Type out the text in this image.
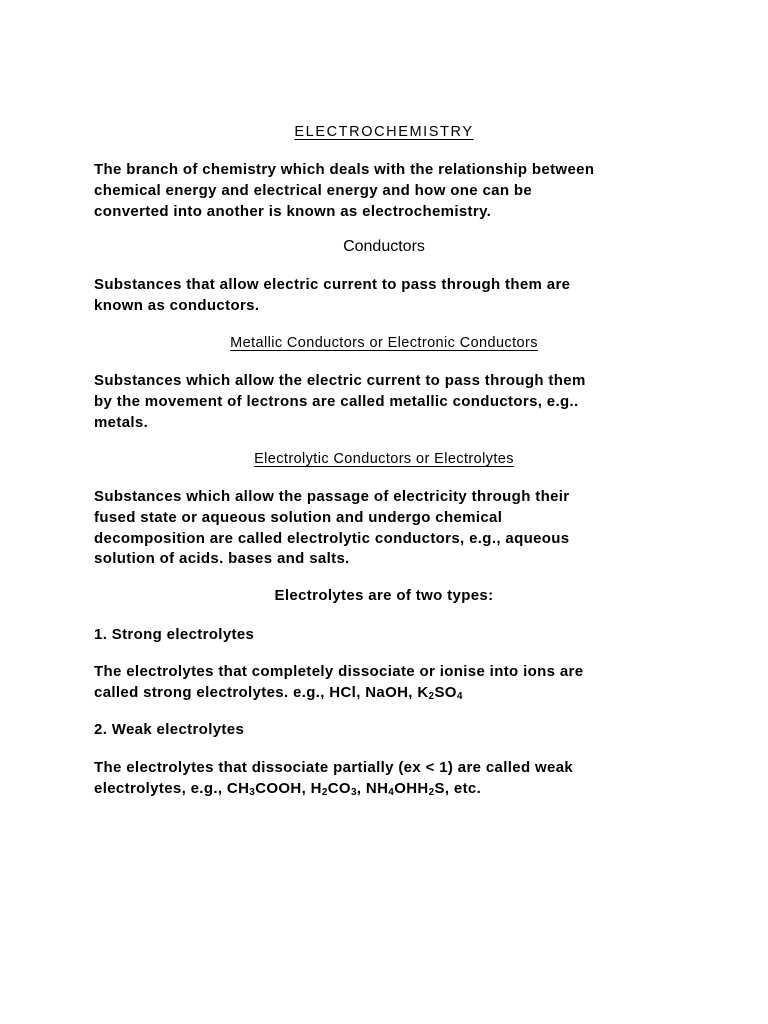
ELECTROCHEMISTRY
The branch of chemistry which deals with the relationship between
chemical energy and electrical energy and how one can be
converted into another is known as electrochemistry.
Conductors
Substances that allow electric current to pass through them are
known as conductors.
Metallic Conductors or Electronic Conductors
Substances which allow the electric current to pass through them
by the movement of lectrons are called metallic conductors, e.g..
metals.
Electrolytic Conductors or Electrolytes
Substances which allow the passage of electricity through their
fused state or aqueous solution and undergo chemical
decomposition are called electrolytic conductors, e.g., aqueous
solution of acids. bases and salts.
Electrolytes are of two types:
1. Strong electrolytes
The electrolytes that completely dissociate or ionise into ions are
called strong electrolytes. e.g., HCl, NaOH, $K_2SO_4$
2. Weak electrolytes
The electrolytes that dissociate partially (ex < 1) are called weak
electrolytes, e.g., $CH_3COOH$, $H_2CO_3$, $NH_4OHH_2S$, etc.
